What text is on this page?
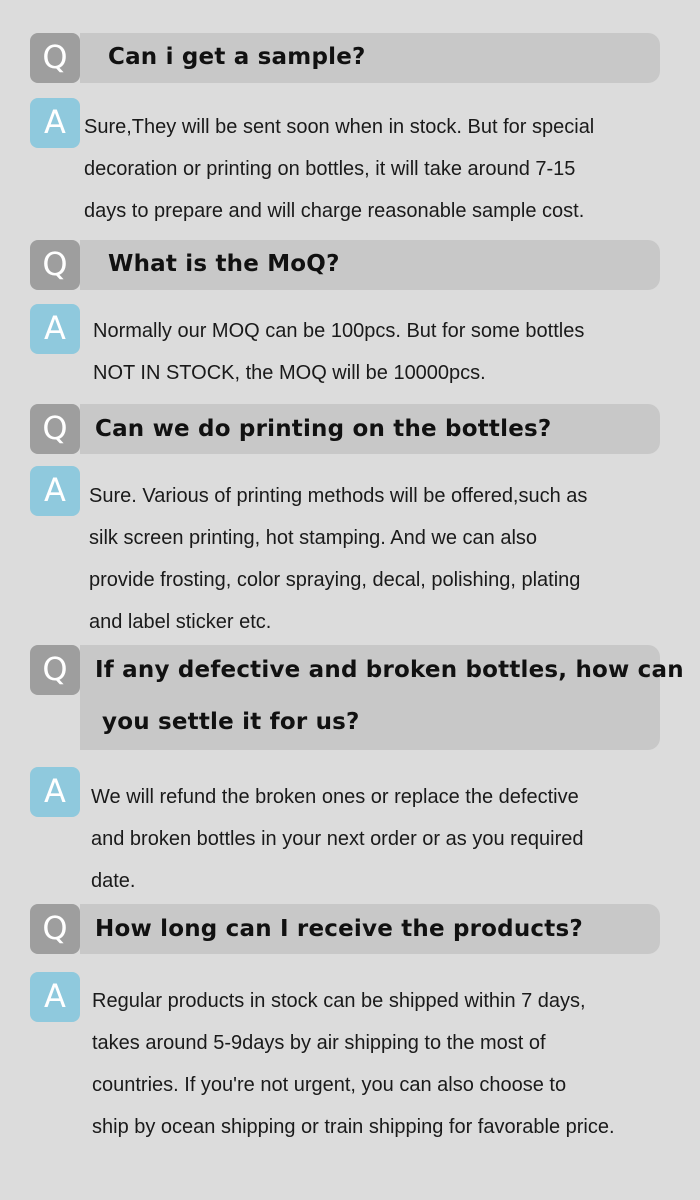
Q	Can i get a sample?
A Sure,They will be sent soon when in stock. But for special
decoration or printing on bottles, it will take around 7-15
days to prepare and will charge reasonable sample cost.
Q	What is the MoQ?
A	Normally our MOQ can be 100pcs. But for some bottles
NOT IN STOCK, the MOQ will be 10000pcs.
Q	Can we do printing on the bottles?
A	Sure. Various of printing methods will be offered,such as
silk screen printing, hot stamping. And we can also
provide frosting, color spraying, decal, polishing, plating
and label sticker etc.
Q	If any defective and broken bottles, how can
you settle it for us?
A	We will refund the broken ones or replace the defective
and broken bottles in your next order or as you required
date.
Q	How long can I receive the products?
A	Regular products in stock can be shipped within 7 days,
takes around 5-9days by air shipping to the most of
countries. If you're not urgent, you can also choose to
ship by ocean shipping or train shipping for favorable price.
